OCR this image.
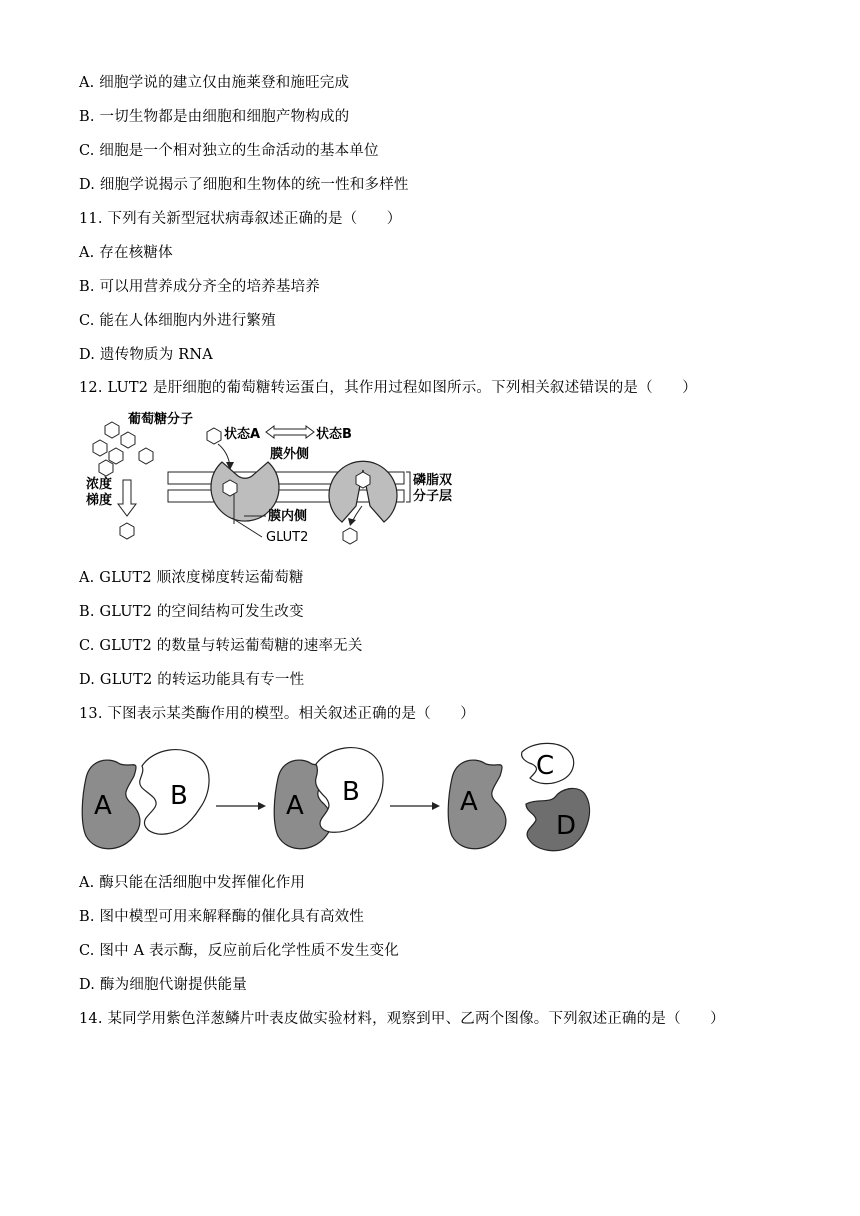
A. 细胞学说的建立仅由施莱登和施旺完成
B. 一切生物都是由细胞和细胞产物构成的
C. 细胞是一个相对独立的生命活动的基本单位
D. 细胞学说揭示了细胞和生物体的统一性和多样性
11. 下列有关新型冠状病毒叙述正确的是（　　）
A. 存在核糖体
B. 可以用营养成分齐全的培养基培养
C. 能在人体细胞内外进行繁殖
D. 遗传物质为 RNA
12. LUT2 是肝细胞的葡萄糖转运蛋白，其作用过程如图所示。下列相关叙述错误的是（　　）
葡萄糖分子
浓度
梯度
状态A	状态B
膜外侧
磷脂双
分子层
膜内侧
GLUT2
A. GLUT2 顺浓度梯度转运葡萄糖
B. GLUT2 的空间结构可发生改变
C. GLUT2 的数量与转运葡萄糖的速率无关
D. GLUT2 的转运功能具有专一性
13. 下图表示某类酶作用的模型。相关叙述正确的是（　　）
A B	A B	A
C
D
A. 酶只能在活细胞中发挥催化作用
B. 图中模型可用来解释酶的催化具有高效性
C. 图中 A 表示酶，反应前后化学性质不发生变化
D. 酶为细胞代谢提供能量
14. 某同学用紫色洋葱鳞片叶表皮做实验材料，观察到甲、乙两个图像。下列叙述正确的是（　　）
